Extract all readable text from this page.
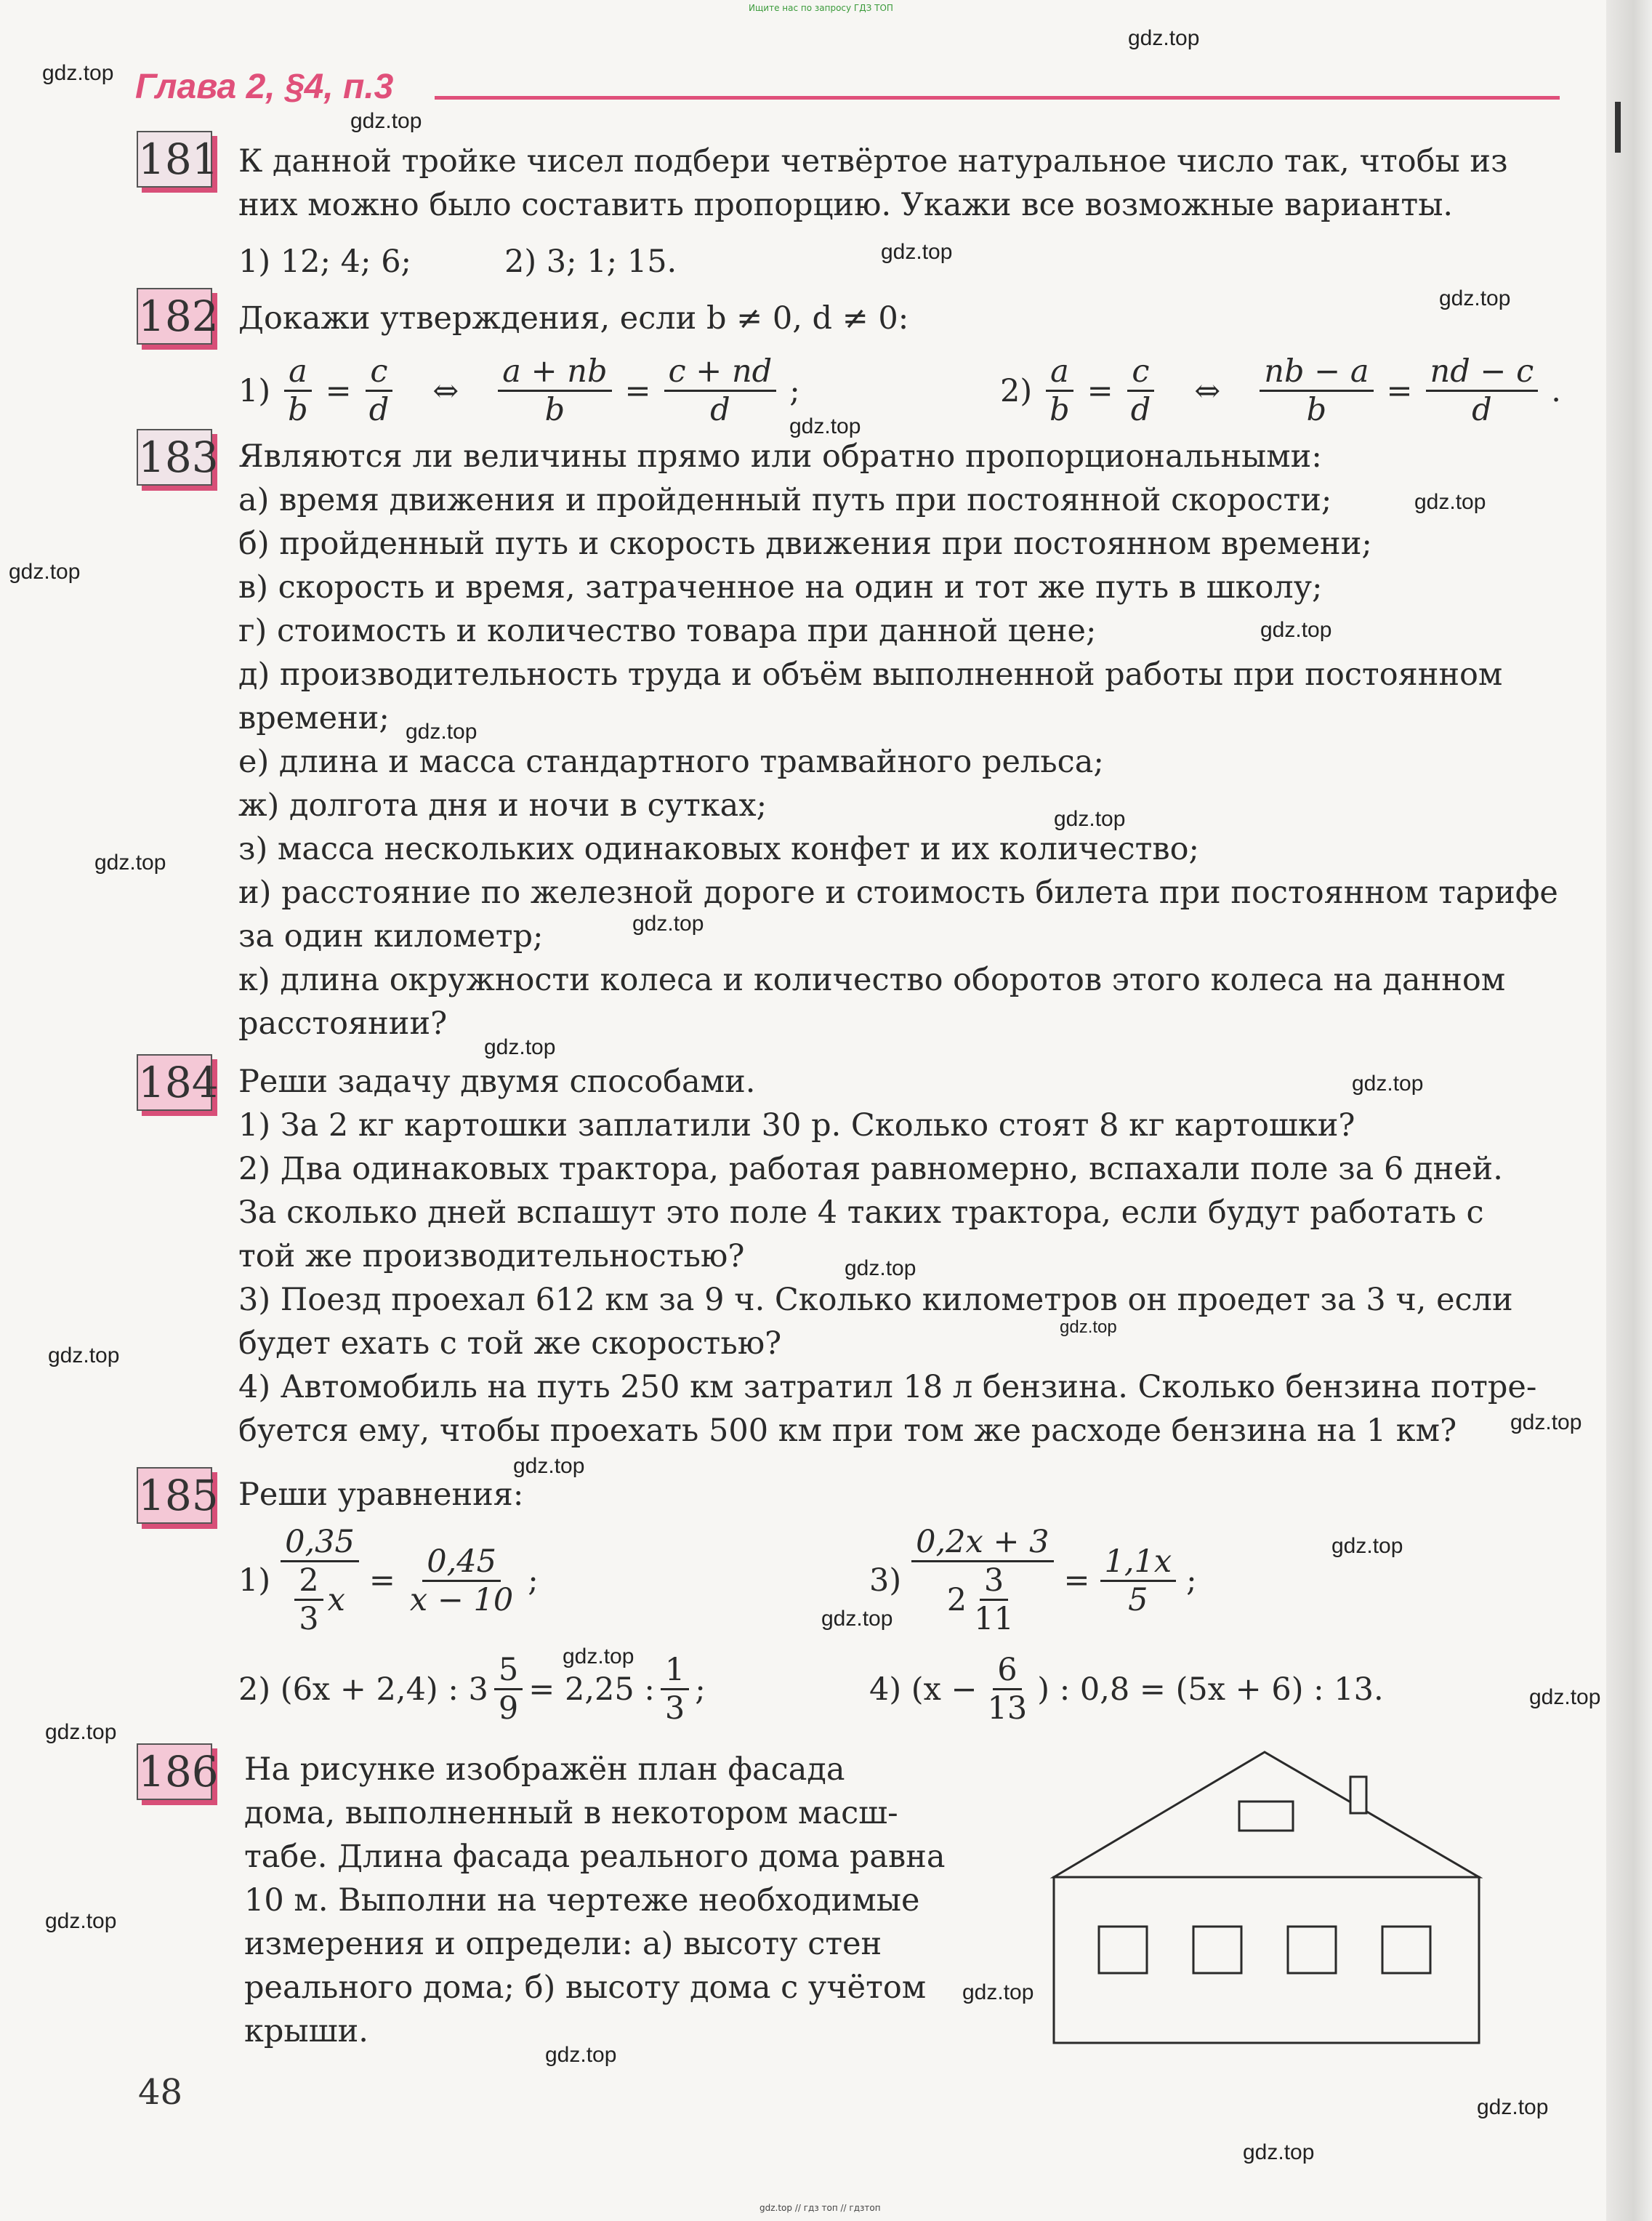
Ищите нас по запросу ГДЗ ТОП
gdz.top
gdz.top
gdz.top
gdz.top
gdz.top
gdz.top
gdz.top
gdz.top
gdz.top
gdz.top
gdz.top
gdz.top
gdz.top
gdz.top
gdz.top
gdz.top
gdz.top
gdz.top
gdz.top
gdz.top
gdz.top
gdz.top
gdz.top
gdz.top
gdz.top
gdz.top
gdz.top
gdz.top
gdz.top
gdz.top
Глава 2, §4, п.3
181 К данной тройке чисел подбери четвёртое натуральное число так, чтобы из
них можно было составить пропорцию. Укажи все возможные варианты.
1) 12; 4; 6;	2) 3; 1; 15.
182 Докажи утверждения, если b ≠ 0, d ≠ 0:
$1) \frac{a}{b} = \frac{c}{d}$ ⇔ $\frac{a + nb}{b} = \frac{c + nd}{d}$ ;	$2) \frac{a}{b} = \frac{c}{d}$ ⇔ $\frac{nb - a}{b} = \frac{nd - c}{d}$ .
183 Являются ли величины прямо или обратно пропорциональными:
а) время движения и пройденный путь при постоянной скорости;
б) пройденный путь и скорость движения при постоянном времени;
в) скорость и время, затраченное на один и тот же путь в школу;
г) стоимость и количество товара при данной цене;
д) производительность труда и объём выполненной работы при постоянном
времени;
е) длина и масса стандартного трамвайного рельса;
ж) долгота дня и ночи в сутках;
з) масса нескольких одинаковых конфет и их количество;
и) расстояние по железной дороге и стоимость билета при постоянном тарифе
за один километр;
к) длина окружности колеса и количество оборотов этого колеса на данном
расстоянии?
184 Реши задачу двумя способами.
1) За 2 кг картошки заплатили 30 р. Сколько стоят 8 кг картошки?
2) Два одинаковых трактора, работая равномерно, вспахали поле за 6 дней.
За сколько дней вспашут это поле 4 таких трактора, если будут работать с
той же производительностью?
3) Поезд проехал 612 км за 9 ч. Сколько километров он проедет за 3 ч, если
будет ехать с той же скоростью?
4) Автомобиль на путь 250 км затратил 18 л бензина. Сколько бензина потре-
буется ему, чтобы проехать 500 км при том же расходе бензина на 1 км?
185 Реши уравнения:
$1) \frac{0,35}{\frac{2}{3} x} = \frac{0,45}{x - 10}$ ;	$3) \frac{0,2x + 3}{2 \frac{3}{11}} = \frac{1,1x}{5}$ ;
2) (6x + 2,4) : $3 \frac{5}{9} = 2,25$ : $\frac{1}{3}$ ;	4) ($x - \frac{6}{13}$ ) : 0,8 = (5x + 6) : 13.
186 На рисунке изображён план фасада
дома, выполненный в некотором масш-
табе. Длина фасада реального дома равна
10 м. Выполни на чертеже необходимые
измерения и определи: а) высоту стен
реального дома; б) высоту дома с учётом
крыши.
48
gdz.top // гдз топ // гдзтоп
